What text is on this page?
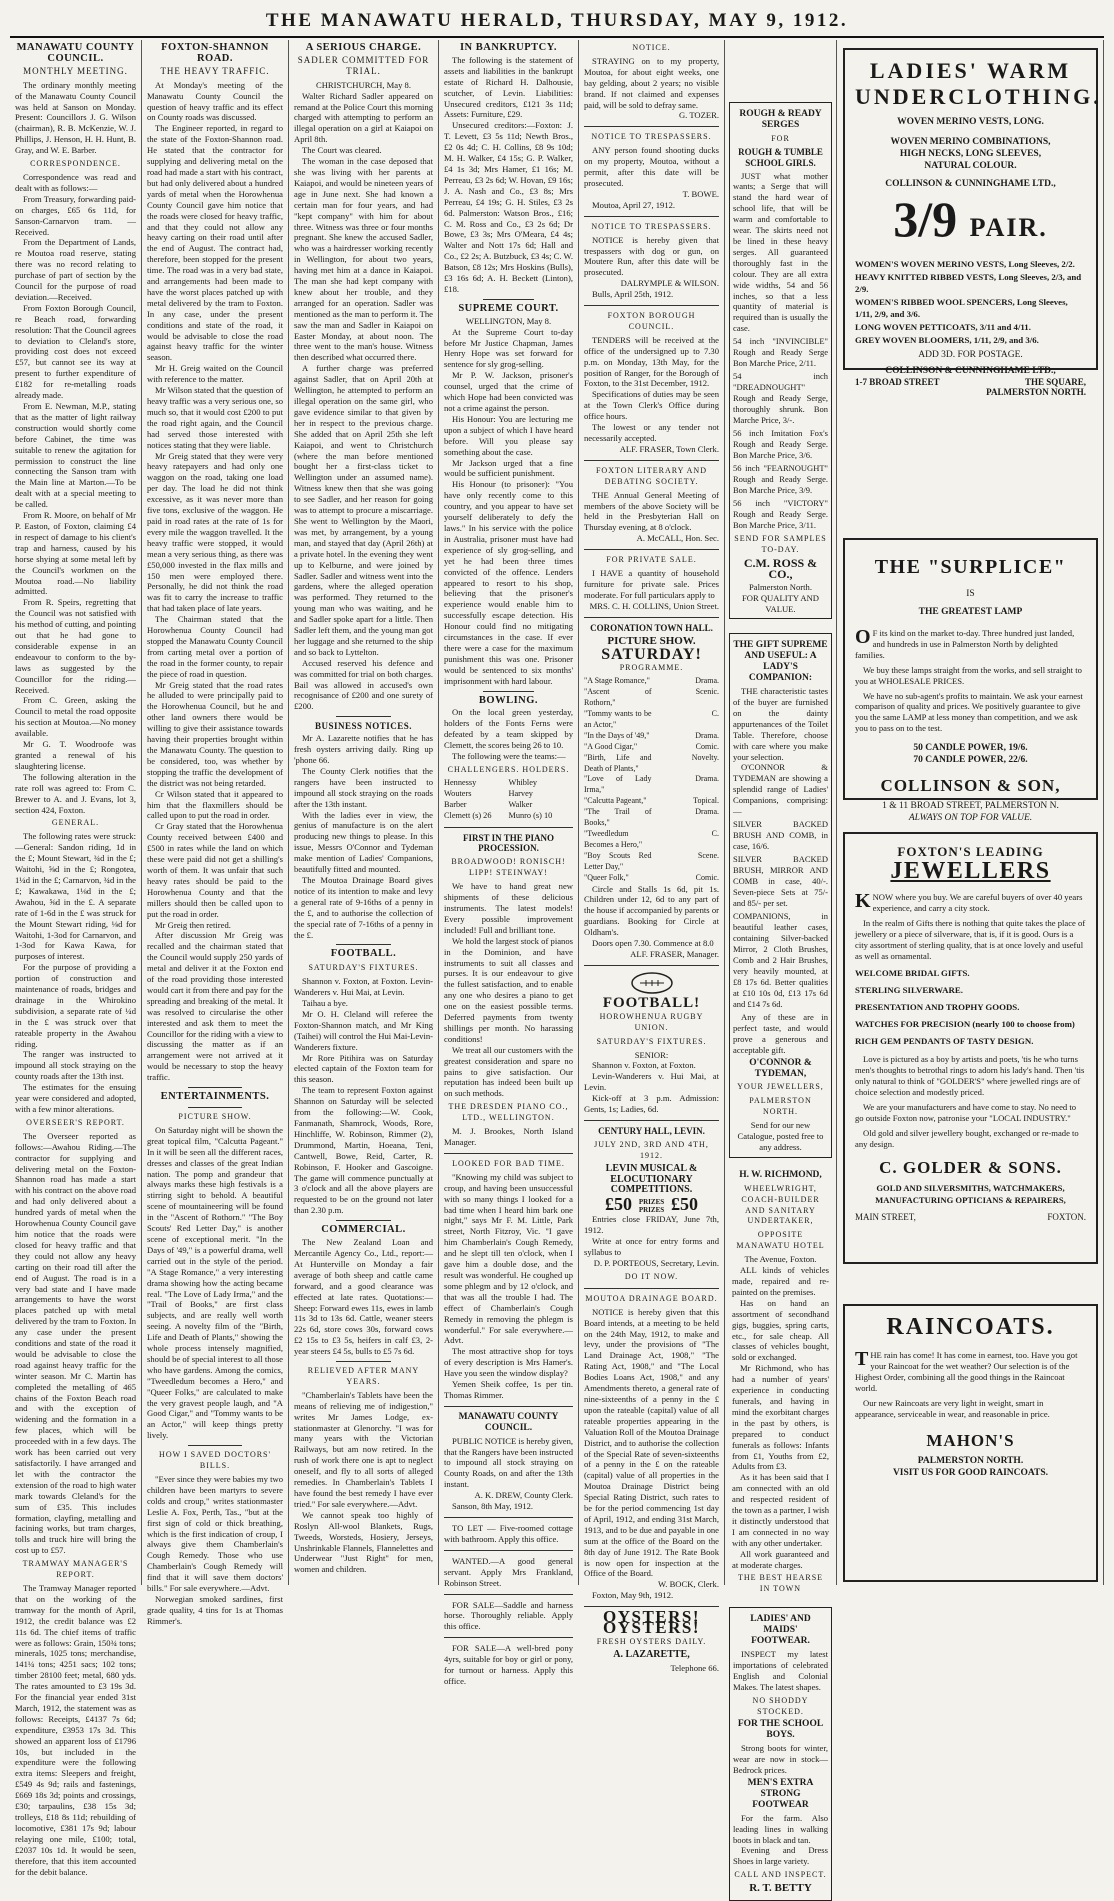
THE MANAWATU HERALD, THURSDAY, MAY 9, 1912.
MANAWATU COUNTY COUNCIL.
MONTHLY MEETING.

The ordinary monthly meeting of the Manawatu County Council was held at Sanson on Monday. Present: Councillors J. G. Wilson (chairman), R. B. McKenzie, W. J. Phillips, J. Henson, H. H. Hunt, B. Gray, and W. E. Barber.

CORRESPONDENCE.

Correspondence was read and dealt with as follows:—

From Treasury, forwarding paid-on charges, £65 6s 11d, for Sanson-Carnarvon tram. — Received.

From the Department of Lands, re Moutoa road reserve, stating there was no record relating to purchase of part of section by the Council for the purpose of road deviation.—Received.

From Foxton Borough Council, re Beach road, forwarding resolution: That the Council agrees to deviation to Cleland's store, providing cost does not exceed £57, but cannot see its way at present to further expenditure of £182 for re-metalling roads already made.

From E. Newman, M.P., stating that as the matter of light railway construction would shortly come before Cabinet, the time was suitable to renew the agitation for permission to construct the line connecting the Sanson tram with the Main line at Marton.—To be dealt with at a special meeting to be called.

From R. Moore, on behalf of Mr P. Easton, of Foxton, claiming £4 in respect of damage to his client's trap and harness, caused by his horse shying at some metal left by the Council's workmen on the Moutoa road.—No liability admitted.

From R. Speirs, regretting that the Council was not satisfied with his method of cutting, and pointing out that he had gone to considerable expense in an endeavour to conform to the by-laws as suggested by the Councillor for the riding.—Received.

From C. Green, asking the Council to metal the road opposite his section at Moutoa.—No money available.

Mr G. T. Woodroofe was granted a renewal of his slaughtering license.

The following alteration in the rate roll was agreed to: From C. Brewer to A. and J. Evans, lot 3, section 424, Foxton.

GENERAL.

The following rates were struck:—General: Sandon riding, 1d in the £; Mount Stewart, ¾d in the £; Waitohi, ⅝d in the £; Rongotea, 1¼d in the £; Carnarvon, ¾d in the £; Kawakawa, 1⅛d in the £; Awahou, ⅝d in the £. A separate rate of 1-6d in the £ was struck for the Mount Stewart riding, ⅛d for Waitohi, 1-3od for Carnarvon, and 1-3od for Kawa Kawa, for purposes of interest.

For the purpose of providing a portion of construction and maintenance of roads, bridges and drainage in the Whirokino subdivision, a separate rate of ¼d in the £ was struck over that rateable property in the Awahou riding.

The ranger was instructed to impound all stock straying on the county roads after the 13th inst.

The estimates for the ensuing year were considered and adopted, with a few minor alterations.

OVERSEER'S REPORT.

The Overseer reported as follows:—Awahou Riding.—The contractor for supplying and delivering metal on the Foxton-Shannon road has made a start with his contract on the above road and had only delivered about a hundred yards of metal when the Horowhenua County Council gave him notice that the roads were closed for heavy traffic and that they could not allow any heavy carting on their road till after the end of August. The road is in a very bad state and I have made arrangements to have the worst places patched up with metal delivered by the tram to Foxton. In any case under the present conditions and state of the road it would be advisable to close the road against heavy traffic for the winter season. Mr C. Martin has completed the metalling of 465 chains of the Foxton Beach road and with the exception of widening and the formation in a few places, which will be proceeded with in a few days. The work has been carried out very satisfactorily. I have arranged and let with the contractor the extension of the road to high water mark towards Cleland's for the sum of £35. This includes formation, clayfing, metalling and facining works, but tram charges, tolls and truck hire will bring the cost up to £57.

TRAMWAY MANAGER'S REPORT.

The Tramway Manager reported that on the working of the tramway for the month of April, 1912, the credit balance was £2 11s 6d. The chief items of traffic were as follows: Grain, 150¾ tons; minerals, 1025 tons; merchandise, 141¼ tons; 4251 sacs; 102 tons; timber 28100 feet; metal, 680 yds. The rates amounted to £3 19s 3d. For the financial year ended 31st March, 1912, the statement was as follows: Receipts, £4137 7s 6d; expenditure, £3953 17s 3d. This showed an apparent loss of £1796 10s, but included in the expenditure were the following extra items: Sleepers and freight, £549 4s 9d; rails and fastenings, £669 18s 3d; points and crossings, £30; tarpaulins, £38 15s 3d; trolleys, £18 8s 11d; rebuilding of locomotive, £381 17s 9d; labour relaying one mile, £100; total, £2037 10s 1d. It would be seen, therefore, that this item accounted for the debit balance.

FOXTON-SHANNON ROAD.
THE HEAVY TRAFFIC.

At Monday's meeting of the Manawatu County Council the question of heavy traffic and its effect on County roads was discussed.

The Engineer reported, in regard to the state of the Foxton-Shannon road. He stated that the contractor for supplying and delivering metal on the road had made a start with his contract, but had only delivered about a hundred yards of metal when the Horowhenua County Council gave him notice that the roads were closed for heavy traffic, and that they could not allow any heavy carting on their road until after the end of August. The contract had, therefore, been stopped for the present time. The road was in a very bad state, and arrangements had been made to have the worst places patched up with metal delivered by the tram to Foxton. In any case, under the present conditions and state of the road, it would be advisable to close the road against heavy traffic for the winter season.

Mr H. Greig waited on the Council with reference to the matter.

Mr Wilson stated that the question of heavy traffic was a very serious one, so much so, that it would cost £200 to put the road right again, and the Council had served those interested with notices stating that they were liable.

Mr Greig stated that they were very heavy ratepayers and had only one waggon on the road, taking one load per day. The load he did not think excessive, as it was never more than five tons, exclusive of the waggon. He paid in road rates at the rate of 1s for every mile the waggon travelled. It the heavy traffic were stopped, it would mean a very serious thing, as there was £50,000 invested in the flax mills and 150 men were employed there. Personally, he did not think the road was fit to carry the increase to traffic that had taken place of late years.

The Chairman stated that the Horowhenua County Council had stopped the Manawatu County Council from carting metal over a portion of the road in the former county, to repair the piece of road in question.

Mr Greig stated that the road rates he alluded to were principally paid to the Horowhenua Council, but he and other land owners there would be willing to give their assistance towards having their properties brought within the Manawatu County. The question to be considered, too, was whether by stopping the traffic the development of the district was not being retarded.

Cr Wilson stated that it appeared to him that the flaxmillers should be called upon to put the road in order.

Cr Gray stated that the Horowhenua County received between £400 and £500 in rates while the land on which these were paid did not get a shilling's worth of them. It was unfair that such heavy rates should be paid to the Horowhenua County and that the millers should then be called upon to put the road in order.

Mr Greig then retired.

After discussion Mr Greig was recalled and the chairman stated that the Council would supply 250 yards of metal and deliver it at the Foxton end of the road providing those interested would cart it from there and pay for the spreading and breaking of the metal. It was resolved to circularise the other interested and ask them to meet the Councillor for the riding with a view to discussing the matter as if an arrangement were not arrived at it would be necessary to stop the heavy traffic.

ENTERTAINMENTS.
PICTURE SHOW.

On Saturday night will be shown the great topical film, "Calcutta Pageant." In it will be seen all the different races, dresses and classes of the great Indian nation. The pomp and grandeur that always marks these high festivals is a stirring sight to behold. A beautiful scene of mountaineering will be found in the "Ascent of Rothorn." "The Boy Scouts' Red Letter Day," is another scene of exceptional merit. "In the Days of '49," is a powerful drama, well carried out in the style of the period. "A Stage Romance," a very interesting drama showing how the acting became real. "The Love of Lady Irma," and the "Trail of Books," are first class subjects, and are really well worth seeing. A novelty film of the "Birth, Life and Death of Plants," showing the whole process intensely magnified, should be of special interest to all those who have gardens. Among the comics, "Tweedledum becomes a Hero," and "Queer Folks," are calculated to make the very gravest people laugh, and "A Good Cigar," and "Tommy wants to be an Actor," will keep things pretty lively.

HOW I SAVED DOCTORS' BILLS.

"Ever since they were babies my two children have been martyrs to severe colds and croup," writes stationmaster Leslie A. Fox, Perth, Tas., "but at the first sign of cold or thick breathing, which is the first indication of croup, I always give them Chamberlain's Cough Remedy. Those who use Chamberlain's Cough Remedy will find that it will save them doctors' bills." For sale everywhere.—Advt.

Norwegian smoked sardines, first grade quality, 4 tins for 1s at Thomas Rimmer's.

A SERIOUS CHARGE.
SADLER COMMITTED FOR TRIAL.

CHRISTCHURCH, May 8.

Walter Richard Sadler appeared on remand at the Police Court this morning charged with attempting to perform an illegal operation on a girl at Kaiapoi on April 8th.

The Court was cleared.

The woman in the case deposed that she was living with her parents at Kaiapoi, and would be nineteen years of age in June next. She had known a certain man for four years, and had "kept company" with him for about three. Witness was three or four months pregnant. She knew the accused Sadler, who was a hairdresser working recently in Wellington, for about two years, having met him at a dance in Kaiapoi. The man she had kept company with knew about her trouble, and they arranged for an operation. Sadler was mentioned as the man to perform it. The saw the man and Sadler in Kaiapoi on Easter Monday, at about noon. The three went to the man's house. Witness then described what occurred there.

A further charge was preferred against Sadler, that on April 20th at Wellington, he attempted to perform an illegal operation on the same girl, who gave evidence similar to that given by her in respect to the previous charge. She added that on April 25th she left Kaiapoi, and went to Christchurch (where the man before mentioned bought her a first-class ticket to Wellington under an assumed name). Witness knew then that she was going to see Sadler, and her reason for going was to attempt to procure a miscarriage. She went to Wellington by the Maori, was met, by arrangement, by a young man, and stayed that day (April 26th) at a private hotel. In the evening they went up to Kelburne, and were joined by Sadler. Sadler and witness went into the gardens, where the alleged operation was performed. They returned to the young man who was waiting, and he and Sadler spoke apart for a little. Then Sadler left them, and the young man got her luggage and she returned to the ship and so back to Lyttelton.

Accused reserved his defence and was committed for trial on both charges. Bail was allowed in accused's own recognisance of £200 and one surety of £200.

BUSINESS NOTICES.

Mr A. Lazarette notifies that he has fresh oysters arriving daily. Ring up 'phone 66.

The County Clerk notifies that the rangers have been instructed to impound all stock straying on the roads after the 13th instant.

With the ladies ever in view, the genius of manufacture is on the alert producing new things to please. In this issue, Messrs O'Connor and Tydeman make mention of Ladies' Companions, beautifully fitted and mounted.

The Moutoa Drainage Board gives notice of its intention to make and levy a general rate of 9-16ths of a penny in the £, and to authorise the collection of the special rate of 7-16ths of a penny in the £.

FOOTBALL.
SATURDAY'S FIXTURES.

Shannon v. Foxton, at Foxton. Levin-Wanderers v. Hui Mai, at Levin.

Taihau a bye.

Mr O. H. Cleland will referee the Foxton-Shannon match, and Mr King (Taihei) will control the Hui Mai-Levin-Wanderers fixture.

Mr Rore Pitihira was on Saturday elected captain of the Foxton team for this season.

The team to represent Foxton against Shannon on Saturday will be selected from the following:—W. Cook, Fanmanath, Shamrock, Woods, Rore, Hinchliffe, W. Robinson, Rimmer (2), Drummond, Martin, Hoeana, Teni, Cantwell, Bowe, Reid, Carter, R. Robinson, F. Hooker and Gascoigne. The game will commence punctually at 3 o'clock and all the above players are requested to be on the ground not later than 2.30 p.m.

COMMERCIAL.

The New Zealand Loan and Mercantile Agency Co., Ltd., report:—At Hunterville on Monday a fair average of both sheep and cattle came forward, and a good clearance was effected at late rates. Quotations:—Sheep: Forward ewes 11s, ewes in lamb 11s 3d to 13s 6d. Cattle, weaner steers 22s 6d, store cows 30s, forward cows £2 15s to £3 5s, heifers in calf £3, 2-year steers £4 5s, bulls to £5 7s 6d.

RELIEVED AFTER MANY YEARS.

"Chamberlain's Tablets have been the means of relieving me of indigestion," writes Mr James Lodge, ex-stationmaster at Glenorchy. "I was for many years with the Victorian Railways, but am now retired. In the rush of work there one is apt to neglect oneself, and fly to all sorts of alleged remedies. In Chamberlain's Tablets I have found the best remedy I have ever tried." For sale everywhere.—Advt.

We cannot speak too highly of Roslyn All-wool Blankets, Rugs, Tweeds, Worsteds, Hosiery, Jerseys, Unshrinkable Flannels, Flannelettes and Underwear "Just Right" for men, women and children.

IN BANKRUPTCY.

The following is the statement of assets and liabilities in the bankrupt estate of Richard H. Dalhousie, scutcher, of Levin. Liabilities: Unsecured creditors, £121 3s 11d; Assets: Furniture, £29.

Unsecured creditors:—Foxton: J. T. Levett, £3 5s 11d; Newth Bros., £2 0s 4d; C. H. Collins, £8 9s 10d; M. H. Walker, £4 15s; G. P. Walker, £4 1s 3d; Mrs Hamer, £1 16s; M. Perreau, £3 2s 6d; W. Hovan, £9 16s; J. A. Nash and Co., £3 8s; Mrs Perreau, £4 19s; G. H. Stiles, £3 2s 6d. Palmerston: Watson Bros., £16; C. M. Ross and Co., £3 2s 6d; Dr Bowe, £3 3s; Mrs O'Meara, £4 4s; Walter and Nott 17s 6d; Hall and Co., £2 2s; A. Butzbuck, £3 4s; C. W. Batson, £8 12s; Mrs Hoskins (Bulls), £3 16s 6d; A. H. Beckett (Linton), £18.

SUPREME COURT.

WELLINGTON, May 8.

At the Supreme Court to-day before Mr Justice Chapman, James Henry Hope was set forward for sentence for sly grog-selling.

Mr P. W. Jackson, prisoner's counsel, urged that the crime of which Hope had been convicted was not a crime against the person.

His Honour: You are lecturing me upon a subject of which I have heard before. Will you please say something about the case.

Mr Jackson urged that a fine would be sufficient punishment.

His Honour (to prisoner): "You have only recently come to this country, and you appear to have set yourself deliberately to defy the laws." In his service with the police in Australia, prisoner must have had experience of sly grog-selling, and yet he had been three times convicted of the offence. Lenders appeared to resort to his shop, believing that the prisoner's experience would enable him to successfully escape detection. His Honour could find no mitigating circumstances in the case. If ever there were a case for the maximum punishment this was one. Prisoner would be sentenced to six months' imprisonment with hard labour.

BOWLING.

On the local green yesterday, holders of the Fonts Ferns were defeated by a team skipped by Clemett, the scores being 26 to 10.

The following were the teams:—

CHALLENGERS. HOLDERS.
Hennessy	Whibley
Wouters	Harvey
Barber	Walker
Clemett (s) 26	Munro (s) 10
FIRST IN THE PIANO PROCESSION.
BROADWOOD! RONISCH! LIPP! STEINWAY!

We have to hand great new shipments of these delicious instruments. The latest models! Every possible improvement included! Full and brilliant tone.

We hold the largest stock of pianos in the Dominion, and have instruments to suit all classes and purses. It is our endeavour to give the fullest satisfaction, and to enable any one who desires a piano to get one on the easiest possible terms. Deferred payments from twenty shillings per month. No harassing conditions!

We treat all our customers with the greatest consideration and spare no pains to give satisfaction. Our reputation has indeed been built up on such methods.

THE DRESDEN PIANO CO., LTD., WELLINGTON.

M. J. Brookes, North Island Manager.

LOOKED FOR BAD TIME.

"Knowing my child was subject to croup, and having been unsuccessful with so many things I looked for a bad time when I heard him bark one night," says Mr F. M. Little, Park street, North Fitzroy, Vic. "I gave him Chamberlain's Cough Remedy, and he slept till ten o'clock, when I gave him a double dose, and the result was wonderful. He coughed up some phlegm and by 12 o'clock, and that was all the trouble I had. The effect of Chamberlain's Cough Remedy in removing the phlegm is wonderful." For sale everywhere.—Advt.

The most attractive shop for toys of every description is Mrs Hamer's. Have you seen the window display?

Yemen Sheik coffee, 1s per tin. Thomas Rimmer.

MANAWATU COUNTY COUNCIL.

PUBLIC NOTICE is hereby given, that the Rangers have been instructed to impound all stock straying on County Roads, on and after the 13th instant.

A. K. DREW, County Clerk.

Sanson, 8th May, 1912.

TO LET — Five-roomed cottage with bathroom. Apply this office.

WANTED.—A good general servant. Apply Mrs Frankland, Robinson Street.

FOR SALE—Saddle and harness horse. Thoroughly reliable. Apply this office.

FOR SALE—A well-bred pony 4yrs, suitable for boy or girl or pony, for turnout or harness. Apply this office.

NOTICE.

STRAYING on to my property, Moutoa, for about eight weeks, one bay gelding, about 2 years; no visible brand. If not claimed and expenses paid, will be sold to defray same.

G. TOZER.

NOTICE TO TRESPASSERS.

ANY person found shooting ducks on my property, Moutoa, without a permit, after this date will be prosecuted.

T. BOWE.

Moutoa, April 27, 1912.

NOTICE TO TRESPASSERS.

NOTICE is hereby given that trespassers with dog or gun, on Moutere Run, after this date will be prosecuted.

DALRYMPLE & WILSON.

Bulls, April 25th, 1912.

FOXTON BOROUGH COUNCIL.

TENDERS will be received at the office of the undersigned up to 7.30 p.m. on Monday, 13th May, for the position of Ranger, for the Borough of Foxton, to the 31st December, 1912.

Specifications of duties may be seen at the Town Clerk's Office during office hours.

The lowest or any tender not necessarily accepted.

ALF. FRASER, Town Clerk.

FOXTON LITERARY AND DEBATING SOCIETY.

THE Annual General Meeting of members of the above Society will be held in the Presbyterian Hall on Thursday evening, at 8 o'clock.

A. McCALL, Hon. Sec.

FOR PRIVATE SALE.

I HAVE a quantity of household furniture for private sale. Prices moderate. For full particulars apply to

MRS. C. H. COLLINS, Union Street.

CORONATION TOWN HALL.
PICTURE SHOW.
SATURDAY!
PROGRAMME.
"A Stage Romance,"	Drama.
"Ascent of Rothorn,"
Scenic.
"Tommy wants to be an Actor,"
C.
"In the Days of '49,"	Drama.
"A Good Cigar,"	Comic.
"Birth, Life and Death of Plants,"
Novelty.
"Love of Lady Irma,"
Drama.
"Calcutta Pageant,"	Topical.
"The Trail of Books,"
Drama.
"Tweedledum Becomes a Hero,"
C.
"Boy Scouts Red Letter Day,"
Scene.
"Queer Folk,"	Comic.

Circle and Stalls 1s 6d, pit 1s. Children under 12, 6d to any part of the house if accompanied by parents or guardians. Booking for Circle at Oldham's.

Doors open 7.30. Commence at 8.0

ALF. FRASER, Manager.

FOOTBALL!
HOROWHENUA RUGBY UNION.
SATURDAY'S FIXTURES.

SENIOR:

Shannon v. Foxton, at Foxton.

Levin-Wanderers v. Hui Mai, at Levin.

Kick-off at 3 p.m. Admission: Gents, 1s; Ladies, 6d.

CENTURY HALL, LEVIN.
JULY 2ND, 3RD AND 4TH, 1912.
LEVIN MUSICAL & ELOCUTIONARY COMPETITIONS.
£50 PRIZES PRIZES £50

Entries close FRIDAY, June 7th, 1912.

Write at once for entry forms and syllabus to

D. P. PORTEOUS, Secretary, Levin.

DO IT NOW.
MOUTOA DRAINAGE BOARD.

NOTICE is hereby given that this Board intends, at a meeting to be held on the 24th May, 1912, to make and levy, under the provisions of "The Land Drainage Act, 1908," "The Rating Act, 1908," and "The Local Bodies Loans Act, 1908," and any Amendments thereto, a general rate of nine-sixteenths of a penny in the £ upon the rateable (capital) value of all rateable properties appearing in the Valuation Roll of the Moutoa Drainage District, and to authorise the collection of the Special Rate of seven-sixteenths of a penny in the £ on the rateable (capital) value of all properties in the Moutoa Drainage District being Special Rating District, such rates to be for the period commencing 1st day of April, 1912, and ending 31st March, 1913, and to be due and payable in one sum at the office of the Board on the 8th day of June 1912. The Rate Book is now open for inspection at the Office of the Board.

W. BOCK, Clerk.

Foxton, May 9th, 1912.

OYSTERS! OYSTERS!
FRESH OYSTERS DAILY.
A. LAZARETTE,

Telephone 66.

ROUGH & READY SERGES
FOR
ROUGH & TUMBLE SCHOOL GIRLS.

JUST what mother wants; a Serge that will stand the hard wear of school life, that will be warm and comfortable to wear. The skirts need not be lined in these heavy serges. All guaranteed thoroughly fast in the colour. They are all extra wide widths, 54 and 56 inches, so that a less quantity of material is required than is usually the case.

54 inch "INVINCIBLE" Rough and Ready Serge Bon Marche Price, 2/11.
54 inch "DREADNOUGHT" Rough and Ready Serge, thoroughly shrunk. Bon Marche Price, 3/-.
56 inch Imitation Fox's Rough and Ready Serge. Bon Marche Price, 3/6.
56 inch "FEARNOUGHT" Rough and Ready Serge. Bon Marche Price, 3/9.
56 inch "VICTORY" Rough and Ready Serge. Bon Marche Price, 3/11.
SEND FOR SAMPLES TO-DAY.
C.M. ROSS & CO.,

Palmerston North.

FOR QUALITY AND VALUE.

THE GIFT SUPREME AND USEFUL: A LADY'S COMPANION:

THE characteristic tastes of the buyer are furnished on the dainty appurtenances of the Toilet Table. Therefore, choose with care where you make your selection.

O'CONNOR & TYDEMAN are showing a splendid range of Ladies' Companions, comprising:—

SILVER BACKED BRUSH AND COMB, in case, 16/6.
SILVER BACKED BRUSH, MIRROR AND COMB in case, 40/-. Seven-piece Sets at 75/- and 85/- per set.
COMPANIONS, in beautiful leather cases, containing Silver-backed Mirror, 2 Cloth Brushes, Comb and 2 Hair Brushes, very heavily mounted, at £8 17s 6d. Better qualities at £10 10s 0d, £13 17s 6d and £14 7s 6d.

Any of these are in perfect taste, and would prove a generous and acceptable gift.

O'CONNOR & TYDEMAN,
YOUR JEWELLERS,
PALMERSTON NORTH.

Send for our new Catalogue, posted free to any address.

H. W. RICHMOND,
WHEELWRIGHT, COACH-BUILDER AND SANITARY UNDERTAKER,
OPPOSITE MANAWATU HOTEL

The Avenue, Foxton.

ALL kinds of vehicles made, repaired and re-painted on the premises.

Has on hand an assortment of secondhand gigs, buggies, spring carts, etc., for sale cheap. All classes of vehicles bought, sold or exchanged.

Mr Richmond, who has had a number of years' experience in conducting funerals, and having in mind the exorbitant charges in the past by others, is prepared to conduct funerals as follows: Infants from £1, Youths from £2, Adults from £3.

As it has been said that I am connected with an old and respected resident of the town as a partner, I wish it distinctly understood that I am connected in no way with any other undertaker.

All work guaranteed and at moderate charges.

THE BEST HEARSE IN TOWN
LADIES' AND MAIDS' FOOTWEAR.

INSPECT my latest importations of celebrated English and Colonial Makes. The latest shapes.

NO SHODDY STOCKED.
FOR THE SCHOOL BOYS.

Strong boots for winter, wear are now in stock—Bedrock prices.

MEN'S EXTRA STRONG FOOTWEAR

For the farm. Also leading lines in walking boots in black and tan.

Evening and Dress Shoes in large variety.

CALL AND INSPECT.
R. T. BETTY
LADIES' WARM
UNDERCLOTHING.
WOVEN MERINO VESTS, LONG.
WOVEN MERINO COMBINATIONS,
HIGH NECKS, LONG SLEEVES,
NATURAL COLOUR.
COLLINSON & CUNNINGHAME LTD.,
3/9 PAIR.
WOMEN'S WOVEN MERINO VESTS, Long Sleeves, 2/2.
HEAVY KNITTED RIBBED VESTS, Long Sleeves, 2/3, and 2/9.
WOMEN'S RIBBED WOOL SPENCERS, Long Sleeves, 1/11, 2/9, and 3/6.
LONG WOVEN PETTICOATS, 3/11 and 4/11.
GREY WOVEN BLOOMERS, 1/11, 2/9, and 3/6.
ADD 3D. FOR POSTAGE.
COLLINSON & CUNNINGHAME LTD.,
1-7 BROAD STREET	THE SQUARE,
PALMERSTON NORTH.
THE "SURPLICE"
IS
THE GREATEST LAMP

OF its kind on the market to-day. Three hundred just landed, and hundreds in use in Palmerston North by delighted families.

We buy these lamps straight from the works, and sell straight to you at WHOLESALE PRICES.

We have no sub-agent's profits to maintain. We ask your earnest comparison of quality and prices. We positively guarantee to give you the same LAMP at less money than competition, and we ask you to pass on to the test.

50 CANDLE POWER, 19/6.
70 CANDLE POWER, 22/6.
COLLINSON & SON,
1 & 11 BROAD STREET, PALMERSTON N.
ALWAYS ON TOP FOR VALUE.
FOXTON'S LEADING
JEWELLERS

KNOW where you buy. We are careful buyers of over 40 years experience, and carry a city stock.

In the realm of Gifts there is nothing that quite takes the place of jewellery or a piece of silverware, that is, if it is good. Ours is a city assortment of sterling quality, that is at once lovely and useful as well as ornamental.

WELCOME BRIDAL GIFTS.
STERLING SILVERWARE.
PRESENTATION AND TROPHY GOODS.
WATCHES FOR PRECISION (nearly 100 to choose from)
RICH GEM PENDANTS OF TASTY DESIGN.

Love is pictured as a boy by artists and poets, 'tis he who turns men's thoughts to betrothal rings to adorn his lady's hand. Then 'tis only natural to think of "GOLDER'S" where jewelled rings are of choice selection and modestly priced.

We are your manufacturers and have come to stay. No need to go outside Foxton now, patronise your "LOCAL INDUSTRY."

Old gold and silver jewellery bought, exchanged or re-made to any design.

C. GOLDER & SONS.
GOLD AND SILVERSMITHS, WATCHMAKERS,
MANUFACTURING OPTICIANS & REPAIRERS,
MAIN STREET,	FOXTON.
RAINCOATS.

THE rain has come! It has come in earnest, too. Have you got your Raincoat for the wet weather? Our selection is of the Highest Order, combining all the good things in the Raincoat world.

Our new Raincoats are very light in weight, smart in appearance, serviceable in wear, and reasonable in price.

MAHON'S
PALMERSTON NORTH.
VISIT US FOR GOOD RAINCOATS.
